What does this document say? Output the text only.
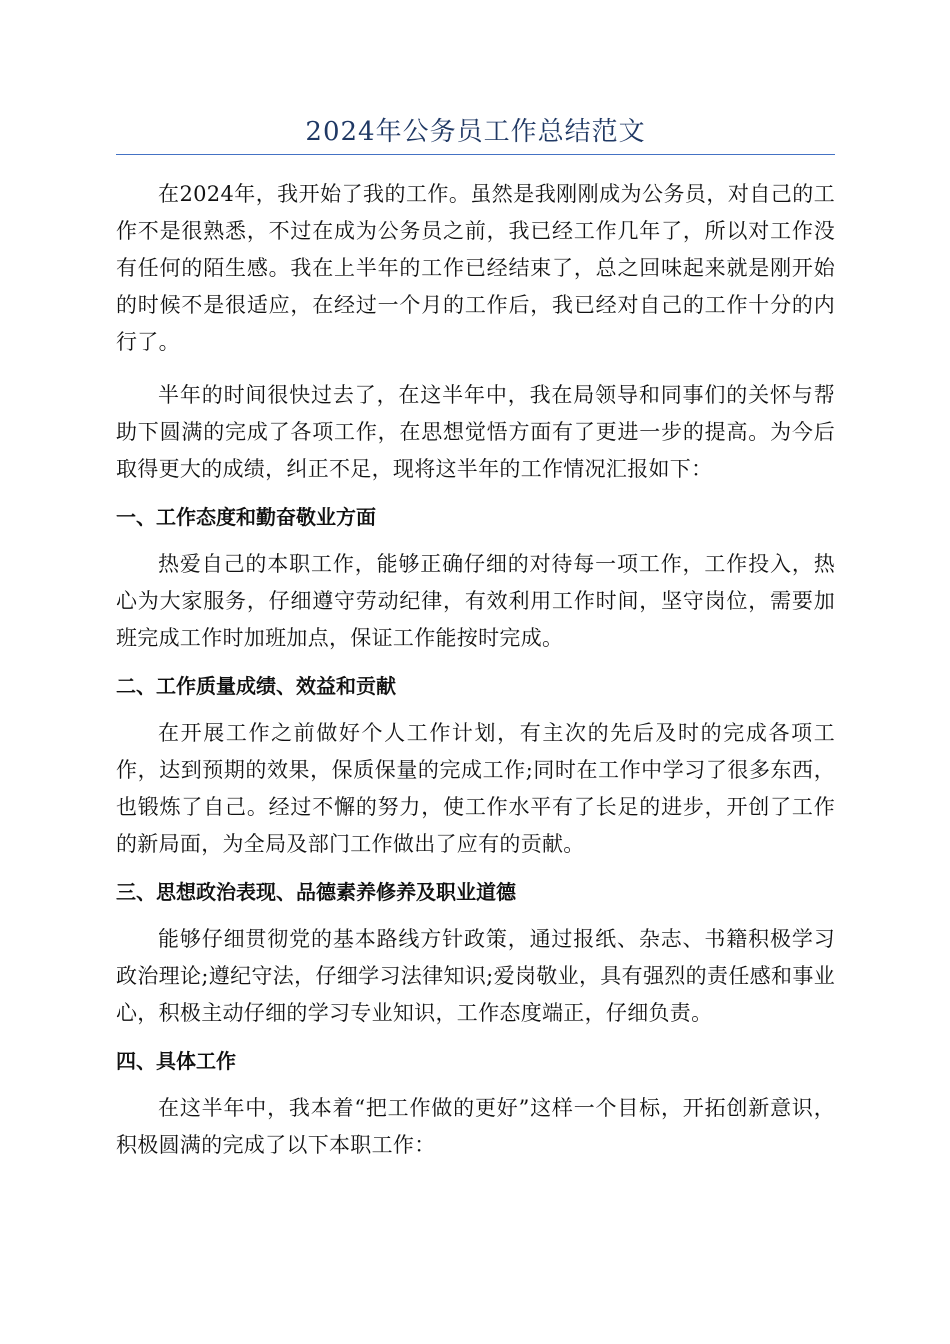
2024年公务员工作总结范文

在2024年，我开始了我的工作。虽然是我刚刚成为公务员，对自己的工作不是很熟悉，不过在成为公务员之前，我已经工作几年了，所以对工作没有任何的陌生感。我在上半年的工作已经结束了，总之回味起来就是刚开始的时候不是很适应，在经过一个月的工作后，我已经对自己的工作十分的内行了。

半年的时间很快过去了，在这半年中，我在局领导和同事们的关怀与帮助下圆满的完成了各项工作，在思想觉悟方面有了更进一步的提高。为今后取得更大的成绩，纠正不足，现将这半年的工作情况汇报如下：

一、工作态度和勤奋敬业方面

热爱自己的本职工作，能够正确仔细的对待每一项工作，工作投入，热心为大家服务，仔细遵守劳动纪律，有效利用工作时间，坚守岗位，需要加班完成工作时加班加点，保证工作能按时完成。

二、工作质量成绩、效益和贡献

在开展工作之前做好个人工作计划，有主次的先后及时的完成各项工作，达到预期的效果，保质保量的完成工作;同时在工作中学习了很多东西，也锻炼了自己。经过不懈的努力，使工作水平有了长足的进步，开创了工作的新局面，为全局及部门工作做出了应有的贡献。

三、思想政治表现、品德素养修养及职业道德

能够仔细贯彻党的基本路线方针政策，通过报纸、杂志、书籍积极学习政治理论;遵纪守法，仔细学习法律知识;爱岗敬业，具有强烈的责任感和事业心，积极主动仔细的学习专业知识，工作态度端正，仔细负责。

四、具体工作

在这半年中，我本着“把工作做的更好”这样一个目标，开拓创新意识，积极圆满的完成了以下本职工作：
